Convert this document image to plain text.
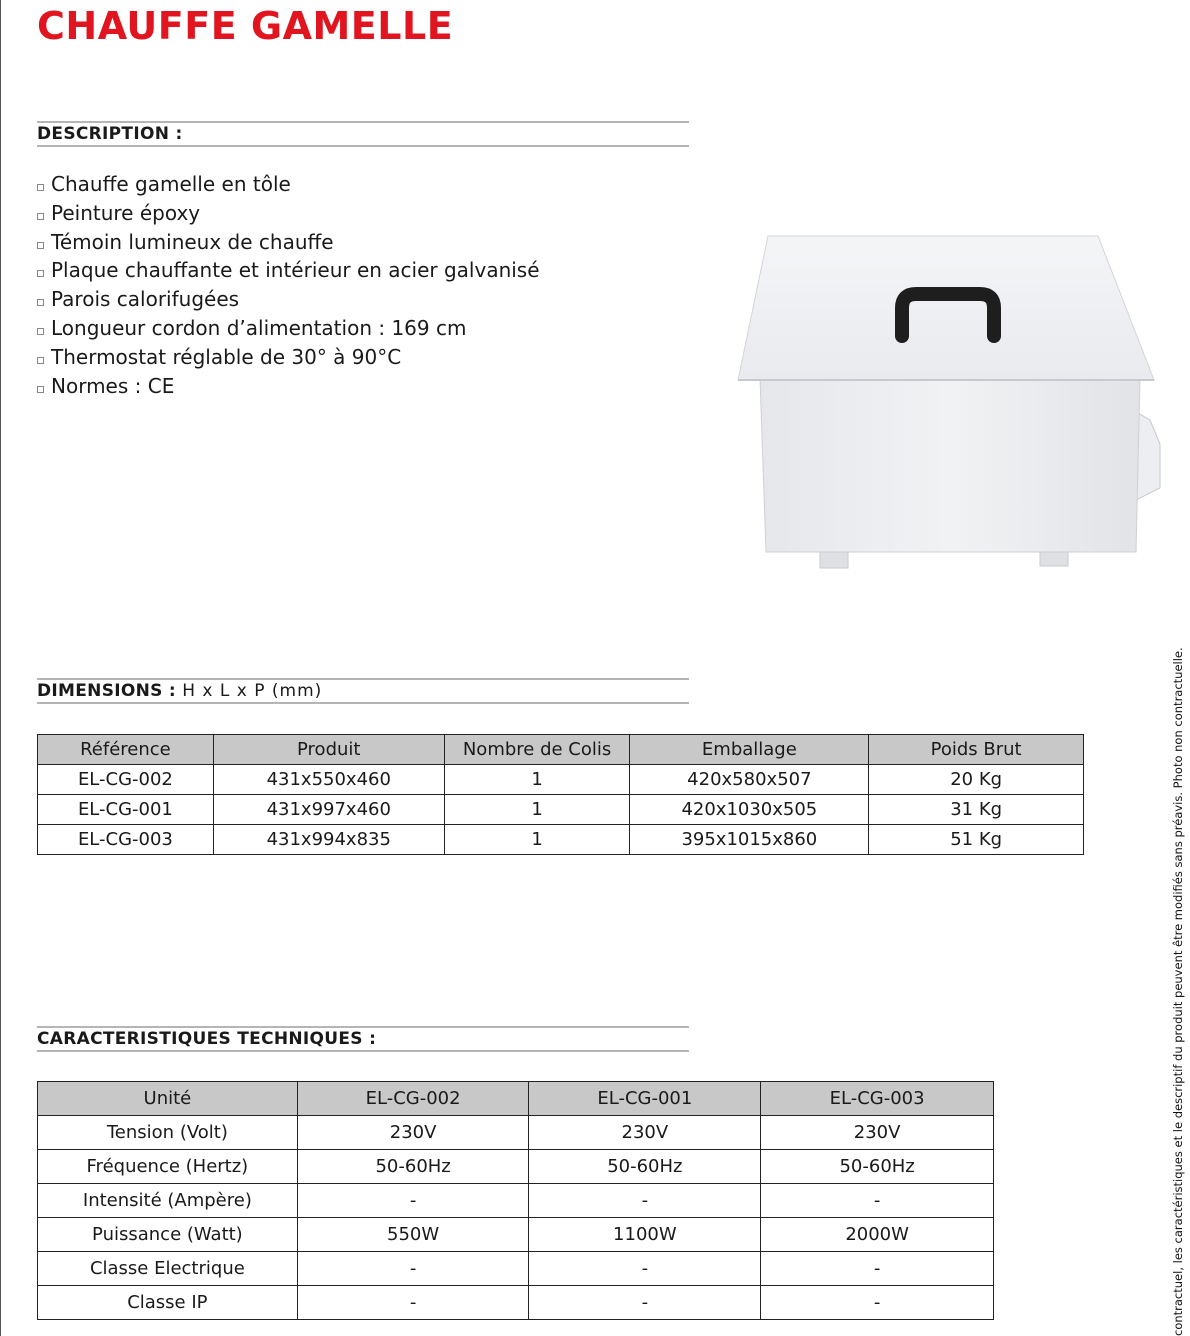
CHAUFFE GAMELLE
DESCRIPTION :
Chauffe gamelle en tôle
Peinture époxy
Témoin lumineux de chauffe
Plaque chauffante et intérieur en acier galvanisé
Parois calorifugées
Longueur cordon d’alimentation : 169 cm
Thermostat réglable de 30° à 90°C
Normes : CE
DIMENSIONS : H x L x P (mm)
Référence	Produit	Nombre de Colis	Emballage	Poids Brut
EL-CG-002	431x550x460	1	420x580x507	20 Kg
EL-CG-001	431x997x460	1	420x1030x505	31 Kg
EL-CG-003	431x994x835	1	395x1015x860	51 Kg
CARACTERISTIQUES TECHNIQUES :
Unité	EL-CG-002	EL-CG-001	EL-CG-003
Tension (Volt)	230V	230V	230V
Fréquence (Hertz)	50-60Hz	50-60Hz	50-60Hz
Intensité (Ampère)	-	-	-
Puissance (Watt)	550W	1100W	2000W
Classe Electrique	-	-	-
Classe IP	-	-	-	contractuel, les caractéristiques et le descriptif du produit peuvent être modifiés sans préavis. Photo non contractuelle.
